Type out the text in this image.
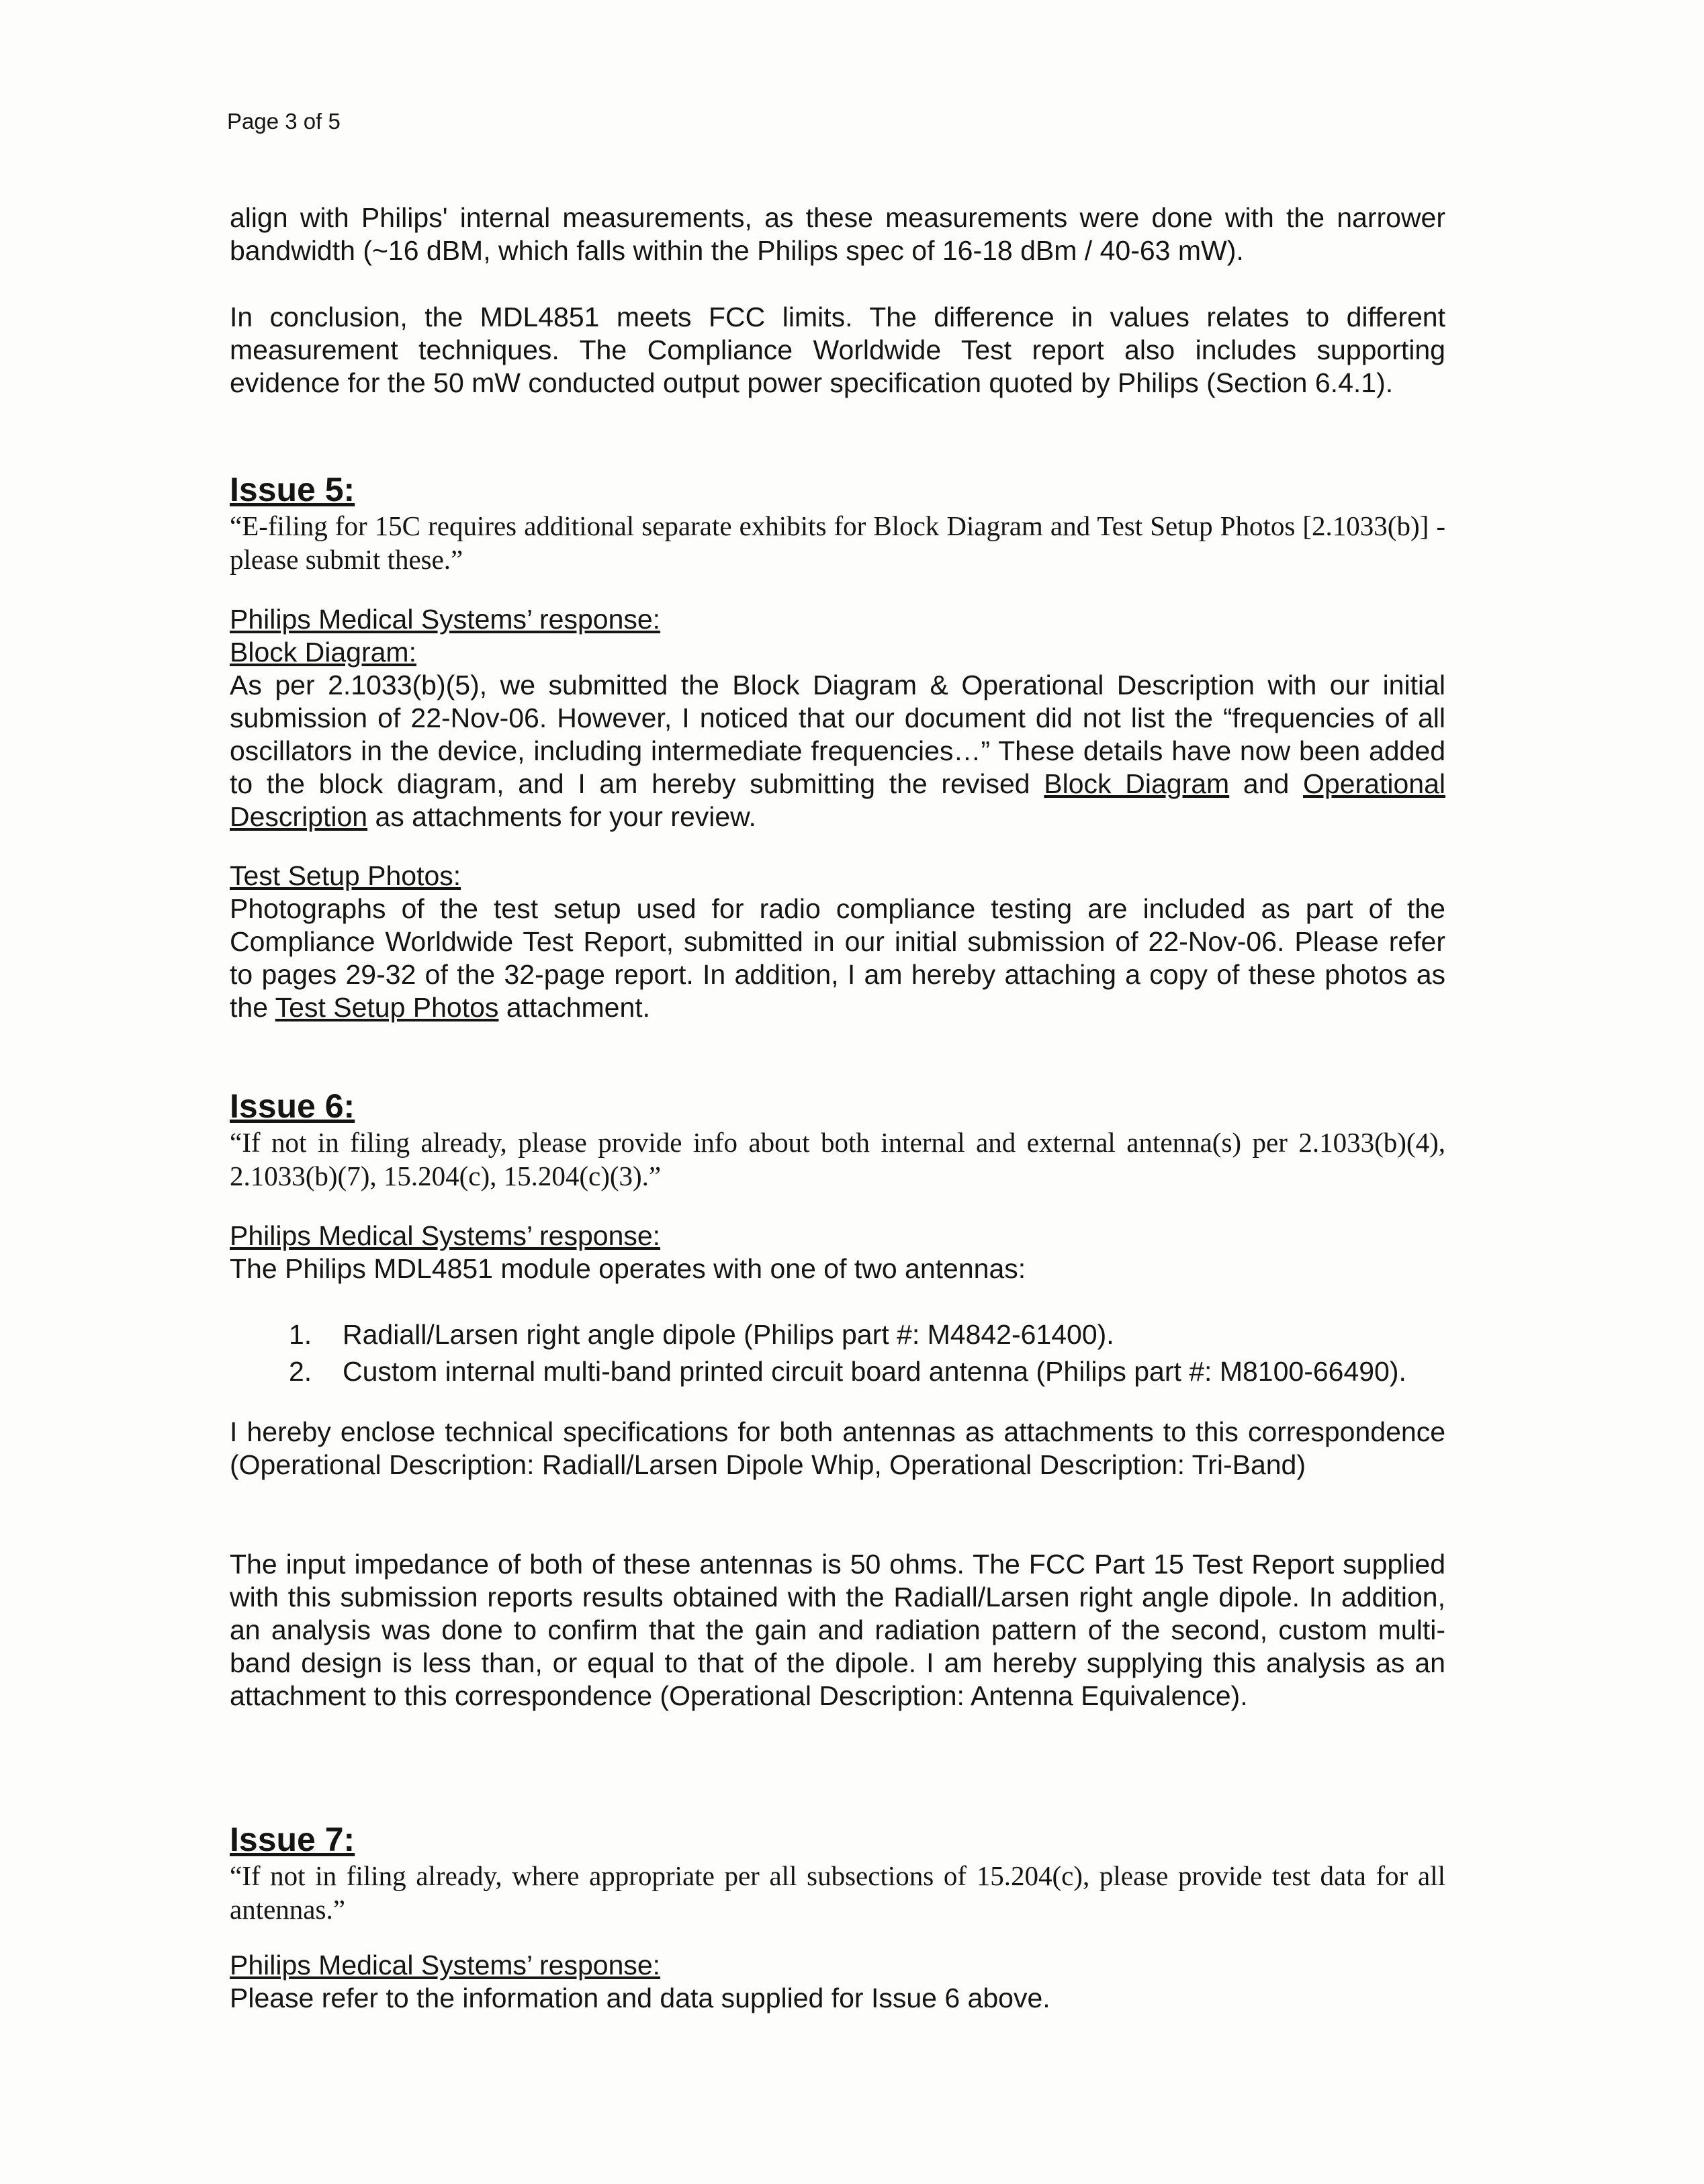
Page 3 of 5

align with Philips' internal measurements, as these measurements were done with the narrower bandwidth (~16 dBM, which falls within the Philips spec of 16-18 dBm / 40-63 mW).

In conclusion, the MDL4851 meets FCC limits. The difference in values relates to different measurement techniques. The Compliance Worldwide Test report also includes supporting evidence for the 50 mW conducted output power specification quoted by Philips (Section 6.4.1).

Issue 5:

“E-filing for 15C requires additional separate exhibits for Block Diagram and Test Setup Photos [2.1033(b)] - please submit these.”

Philips Medical Systems’ response:

Block Diagram:

As per 2.1033(b)(5), we submitted the Block Diagram & Operational Description with our initial submission of 22-Nov-06. However, I noticed that our document did not list the “frequencies of all oscillators in the device, including intermediate frequencies…” These details have now been added to the block diagram, and I am hereby submitting the revised Block Diagram and Operational Description as attachments for your review.

Test Setup Photos:

Photographs of the test setup used for radio compliance testing are included as part of the Compliance Worldwide Test Report, submitted in our initial submission of 22-Nov-06. Please refer to pages 29-32 of the 32-page report. In addition, I am hereby attaching a copy of these photos as the Test Setup Photos attachment.

Issue 6:

“If not in filing already, please provide info about both internal and external antenna(s) per 2.1033(b)(4), 2.1033(b)(7), 15.204(c), 15.204(c)(3).”

Philips Medical Systems’ response:

The Philips MDL4851 module operates with one of two antennas:

1. Radiall/Larsen right angle dipole (Philips part #: M4842-61400).
2. Custom internal multi-band printed circuit board antenna (Philips part #: M8100-66490).

I hereby enclose technical specifications for both antennas as attachments to this correspondence (Operational Description: Radiall/Larsen Dipole Whip, Operational Description: Tri-Band)

The input impedance of both of these antennas is 50 ohms. The FCC Part 15 Test Report supplied with this submission reports results obtained with the Radiall/Larsen right angle dipole. In addition, an analysis was done to confirm that the gain and radiation pattern of the second, custom multi-band design is less than, or equal to that of the dipole. I am hereby supplying this analysis as an attachment to this correspondence (Operational Description: Antenna Equivalence).

Issue 7:

“If not in filing already, where appropriate per all subsections of 15.204(c), please provide test data for all antennas.”

Philips Medical Systems’ response:

Please refer to the information and data supplied for Issue 6 above.
